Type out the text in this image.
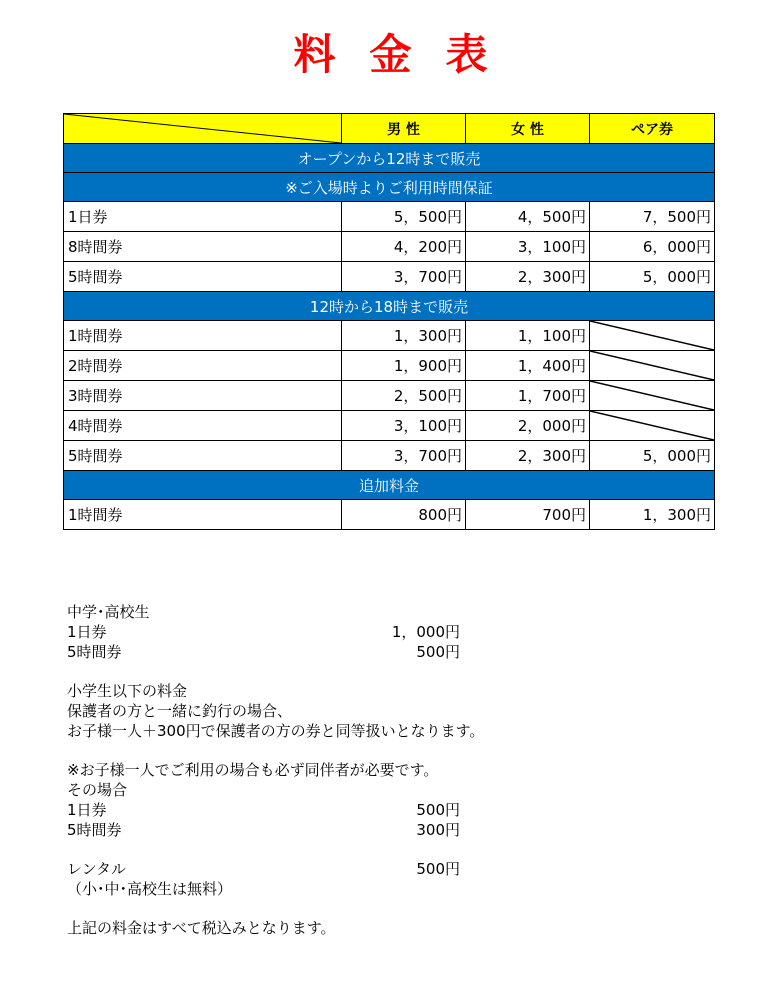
料 金 表
	男 性	女 性	ペア券
オープンから12時まで販売			
※ご入場時よりご利用時間保証			
1日券	5，500円	4，500円	7，500円
8時間券	4，200円	3，100円	6，000円
5時間券	3，700円	2，300円	5，000円
12時から18時まで販売			
1時間券	1，300円	1，100円	

2時間券	1，900円	1，400円	

3時間券	2，500円	1，700円	

4時間券	3，100円	2，000円	

5時間券	3，700円	2，300円	5，000円
追加料金			
1時間券	800円	700円	1，300円
中学･高校生
1日券	1，000円
5時間券	500円
小学生以下の料金
保護者の方と一緒に釣行の場合、
お子様一人＋300円で保護者の方の券と同等扱いとなります。
※お子様一人でご利用の場合も必ず同伴者が必要です。
その場合
1日券	500円
5時間券	300円
レンタル	500円
（小･中･高校生は無料）
上記の料金はすべて税込みとなります。
